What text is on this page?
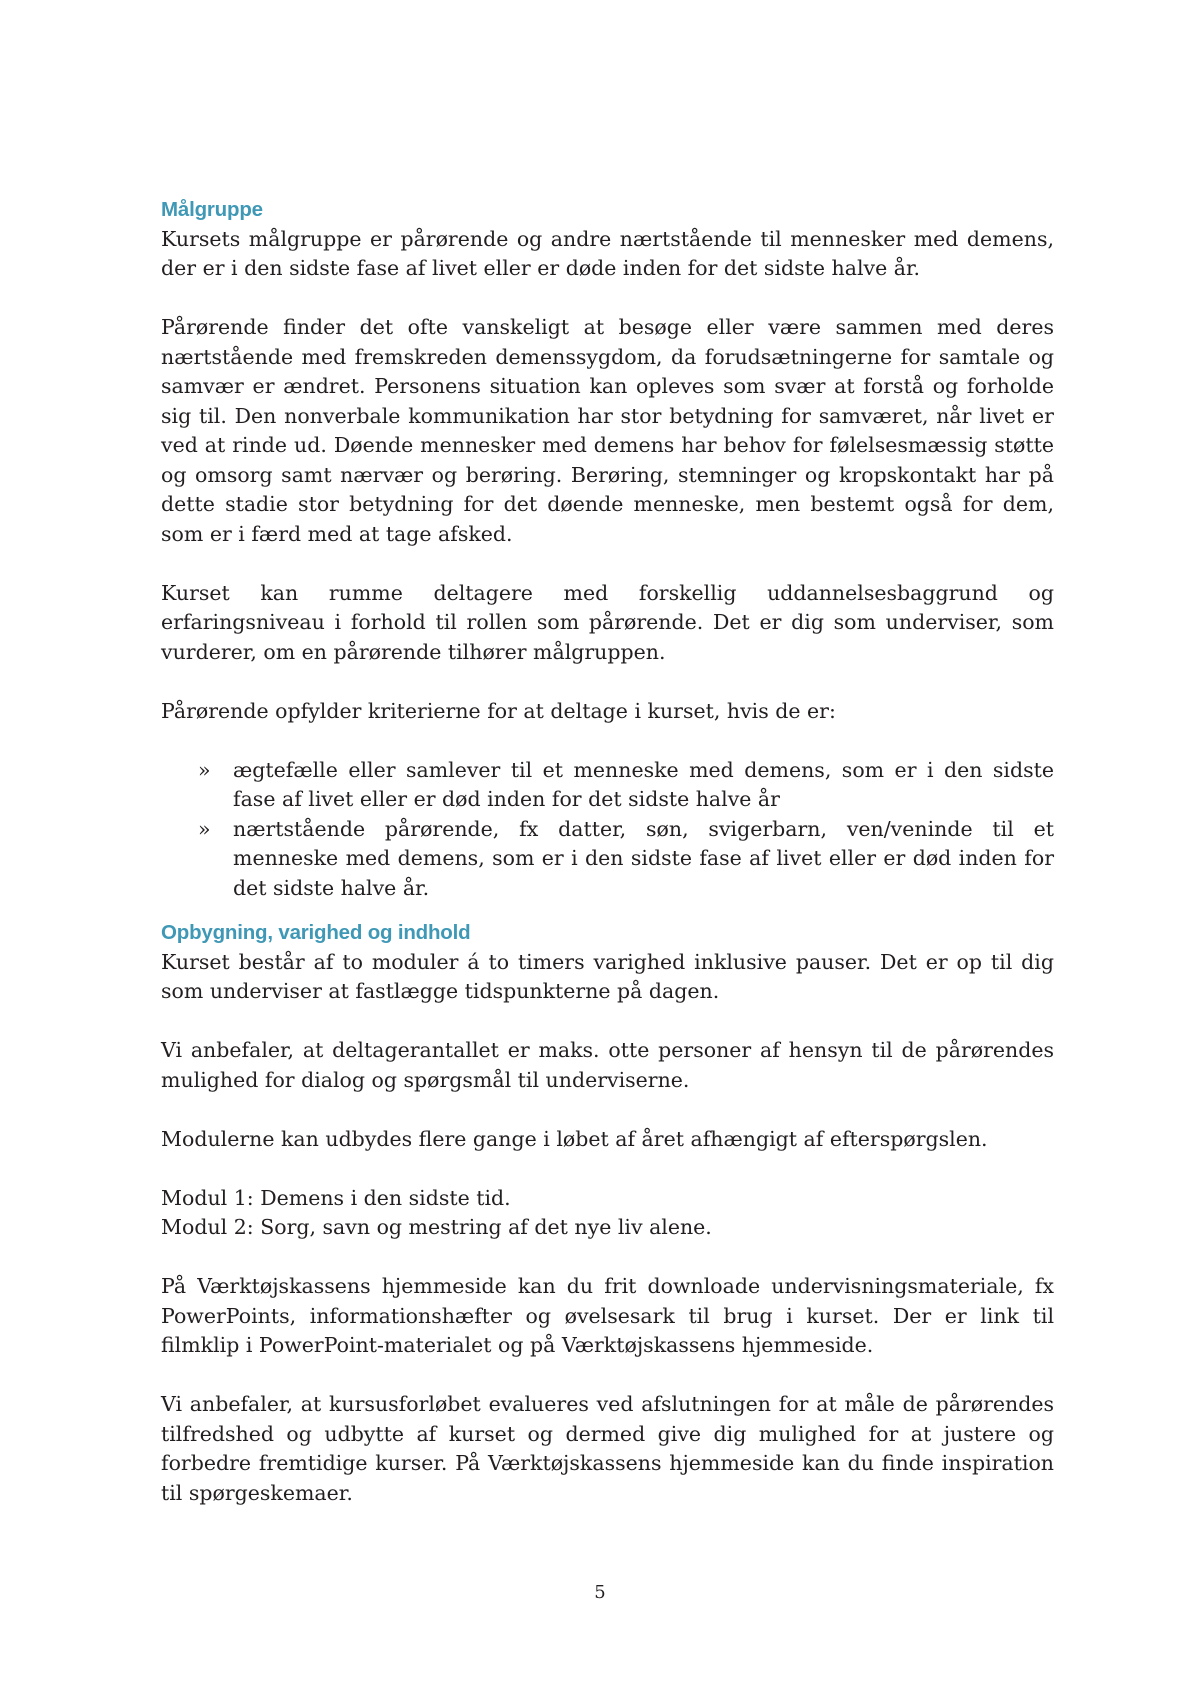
Målgruppe

Kursets målgruppe er pårørende og andre nærtstående til mennesker med demens, der er i den sidste fase af livet eller er døde inden for det sidste halve år.

Pårørende finder det ofte vanskeligt at besøge eller være sammen med deres nærtstående med fremskreden demenssygdom, da forudsætningerne for samtale og samvær er ændret. Personens situation kan opleves som svær at forstå og forholde sig til. Den nonverbale kommunikation har stor betydning for samværet, når livet er ved at rinde ud. Døende mennesker med demens har behov for følelsesmæssig støtte og omsorg samt nærvær og berøring. Berøring, stemninger og kropskontakt har på dette stadie stor betydning for det døende menneske, men bestemt også for dem, som er i færd med at tage afsked.

Kurset kan rumme deltagere med forskellig uddannelsesbaggrund og erfaringsniveau i forhold til rollen som pårørende. Det er dig som underviser, som vurderer, om en pårørende tilhører målgruppen.

Pårørende opfylder kriterierne for at deltage i kurset, hvis de er:

» ægtefælle eller samlever til et menneske med demens, som er i den sidste fase af livet eller er død inden for det sidste halve år
» nærtstående pårørende, fx datter, søn, svigerbarn, ven/veninde til et menneske med demens, som er i den sidste fase af livet eller er død inden for det sidste halve år.
Opbygning, varighed og indhold

Kurset består af to moduler á to timers varighed inklusive pauser. Det er op til dig som underviser at fastlægge tidspunkterne på dagen.

Vi anbefaler, at deltagerantallet er maks. otte personer af hensyn til de pårørendes mulighed for dialog og spørgsmål til underviserne.

Modulerne kan udbydes flere gange i løbet af året afhængigt af efterspørgslen.

Modul 1: Demens i den sidste tid.

Modul 2: Sorg, savn og mestring af det nye liv alene.

På Værktøjskassens hjemmeside kan du frit downloade undervisningsmateriale, fx PowerPoints, informationshæfter og øvelsesark til brug i kurset. Der er link til filmklip i PowerPoint-materialet og på Værktøjskassens hjemmeside.

Vi anbefaler, at kursusforløbet evalueres ved afslutningen for at måle de pårørendes tilfredshed og udbytte af kurset og dermed give dig mulighed for at justere og forbedre fremtidige kurser. På Værktøjskassens hjemmeside kan du finde inspiration til spørgeskemaer.

5
